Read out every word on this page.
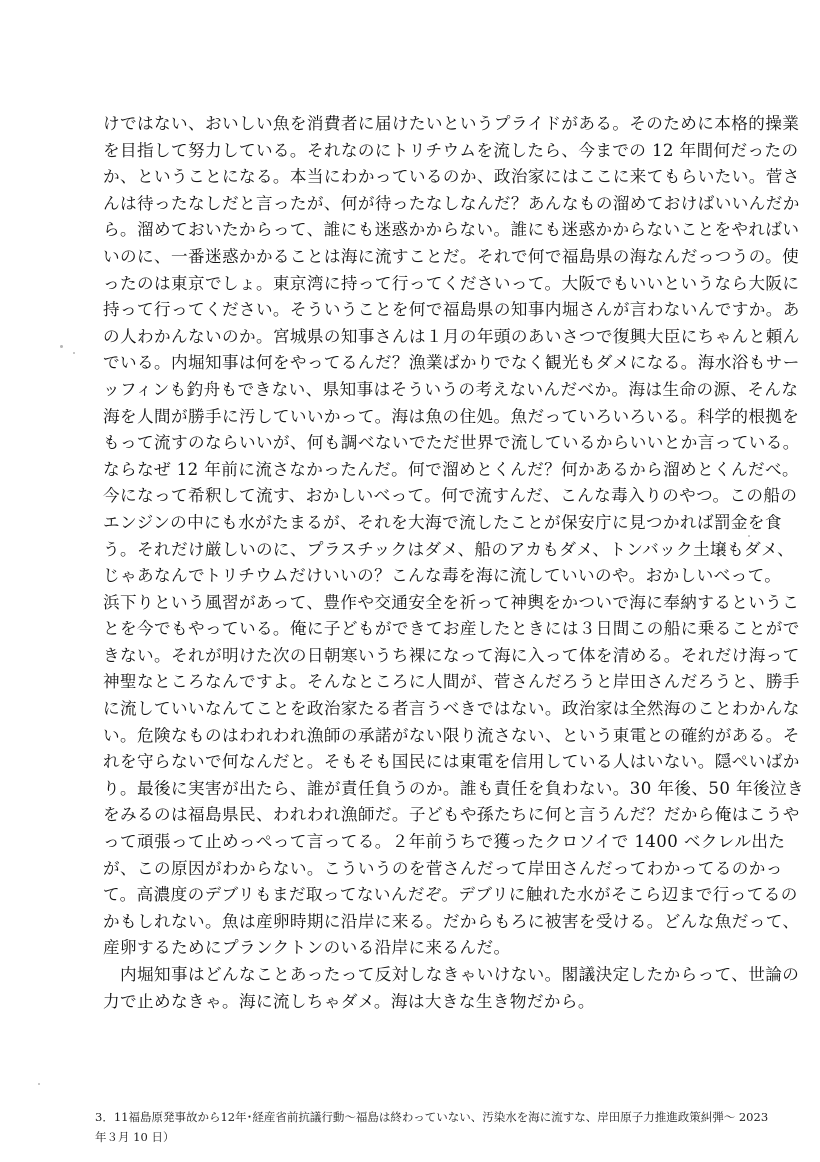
けではない、おいしい魚を消費者に届けたいというプライドがある。そのために本格的操業
を目指して努力している。それなのにトリチウムを流したら、今までの 12 年間何だったの
か、ということになる。本当にわかっているのか、政治家にはここに来てもらいたい。菅さ
んは待ったなしだと言ったが、何が待ったなしなんだ？あんなもの溜めておけばいいんだか
ら。溜めておいたからって、誰にも迷惑かからない。誰にも迷惑かからないことをやればい
いのに、一番迷惑かかることは海に流すことだ。それで何で福島県の海なんだっつうの。使
ったのは東京でしょ。東京湾に持って行ってくださいって。大阪でもいいというなら大阪に
持って行ってください。そういうことを何で福島県の知事内堀さんが言わないんですか。あ
の人わかんないのか。宮城県の知事さんは１月の年頭のあいさつで復興大臣にちゃんと頼ん
でいる。内堀知事は何をやってるんだ？漁業ばかりでなく観光もダメになる。海水浴もサー
ッフィンも釣舟もできない、県知事はそういうの考えないんだべか。海は生命の源、そんな
海を人間が勝手に汚していいかって。海は魚の住処。魚だっていろいろいる。科学的根拠を
もって流すのならいいが、何も調べないでただ世界で流しているからいいとか言っている。
ならなぜ 12 年前に流さなかったんだ。何で溜めとくんだ？何かあるから溜めとくんだべ。
今になって希釈して流す、おかしいべって。何で流すんだ、こんな毒入りのやつ。この船の
エンジンの中にも水がたまるが、それを大海で流したことが保安庁に見つかれば罰金を食
う。それだけ厳しいのに、プラスチックはダメ、船のアカもダメ、トンバック土壌もダメ、
じゃあなんでトリチウムだけいいの？こんな毒を海に流していいのや。おかしいべって。
浜下りという風習があって、豊作や交通安全を祈って神輿をかついで海に奉納するというこ
とを今でもやっている。俺に子どもができてお産したときには３日間この船に乗ることがで
きない。それが明けた次の日朝寒いうち裸になって海に入って体を清める。それだけ海って
神聖なところなんですよ。そんなところに人間が、菅さんだろうと岸田さんだろうと、勝手
に流していいなんてことを政治家たる者言うべきではない。政治家は全然海のことわかんな
い。危険なものはわれわれ漁師の承諾がない限り流さない、という東電との確約がある。そ
れを守らないで何なんだと。そもそも国民には東電を信用している人はいない。隠ぺいばか
り。最後に実害が出たら、誰が責任負うのか。誰も責任を負わない。30 年後、50 年後泣き
をみるのは福島県民、われわれ漁師だ。子どもや孫たちに何と言うんだ？だから俺はこうや
って頑張って止めっぺって言ってる。２年前うちで獲ったクロソイで 1400 ベクレル出た
が、この原因がわからない。こういうのを菅さんだって岸田さんだってわかってるのかっ
て。高濃度のデブリもまだ取ってないんだぞ。デブリに触れた水がそこら辺まで行ってるの
かもしれない。魚は産卵時期に沿岸に来る。だからもろに被害を受ける。どんな魚だって、
産卵するためにプランクトンのいる沿岸に来るんだ。
内堀知事はどんなことあったって反対しなきゃいけない。閣議決定したからって、世論の
力で止めなきゃ。海に流しちゃダメ。海は大きな生き物だから。
3．11福島原発事故から12年･経産省前抗議行動～福島は終わっていない、汚染水を海に流すな、岸田原子力推進政策糾弾～ 2023
年３月 10 日）
